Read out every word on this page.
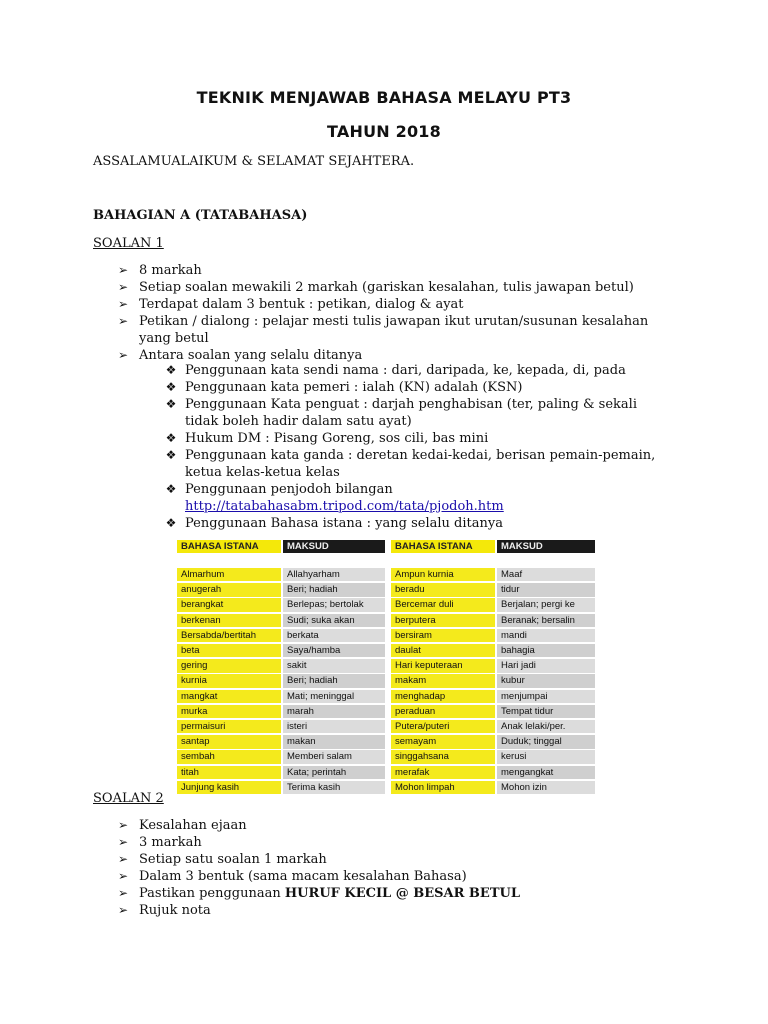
TEKNIK MENJAWAB BAHASA MELAYU PT3
TAHUN 2018
ASSALAMUALAIKUM & SELAMAT SEJAHTERA.
BAHAGIAN A (TATABAHASA)
SOALAN 1
➢ 8 markah
➢ Setiap soalan mewakili 2 markah (gariskan kesalahan, tulis jawapan betul)
➢ Terdapat dalam 3 bentuk : petikan, dialog & ayat
➢ Petikan / dialong : pelajar mesti tulis jawapan ikut urutan/susunan kesalahan yang betul
➢ Antara soalan yang selalu ditanya
❖ Penggunaan kata sendi nama : dari, daripada, ke, kepada, di, pada
❖ Penggunaan kata pemeri : ialah (KN) adalah (KSN)
❖ Penggunaan Kata penguat : darjah penghabisan (ter, paling & sekali tidak boleh hadir dalam satu ayat)
❖ Hukum DM : Pisang Goreng, sos cili, bas mini
❖ Penggunaan kata ganda : deretan kedai-kedai, berisan pemain-pemain, ketua kelas-ketua kelas
❖ Penggunaan penjodoh bilangan
http://tatabahasabm.tripod.com/tata/pjodoh.htm
❖ Penggunaan Bahasa istana : yang selalu ditanya
BAHASA ISTANA	MAKSUD
Almarhum	Allahyarham
anugerah	Beri; hadiah
berangkat	Berlepas; bertolak
berkenan	Sudi; suka akan
Bersabda/bertitah	berkata
beta	Saya/hamba
gering	sakit
kurnia	Beri; hadiah
mangkat	Mati; meninggal
murka	marah
permaisuri	isteri
santap	makan
sembah	Memberi salam
titah	Kata; perintah
Junjung kasih	Terima kasih
BAHASA ISTANA	MAKSUD
Ampun kurnia	Maaf
beradu	tidur
Bercemar duli	Berjalan; pergi ke
berputera	Beranak; bersalin
bersiram	mandi
daulat	bahagia
Hari keputeraan	Hari jadi
makam	kubur
menghadap	menjumpai
peraduan	Tempat tidur
Putera/puteri	Anak lelaki/per.
semayam	Duduk; tinggal
singgahsana	kerusi
merafak	mengangkat
Mohon limpah	Mohon izin
SOALAN 2
➢ Kesalahan ejaan
➢ 3 markah
➢ Setiap satu soalan 1 markah
➢ Dalam 3 bentuk (sama macam kesalahan Bahasa)
➢ Pastikan penggunaan HURUF KECIL @ BESAR BETUL
➢ Rujuk nota
